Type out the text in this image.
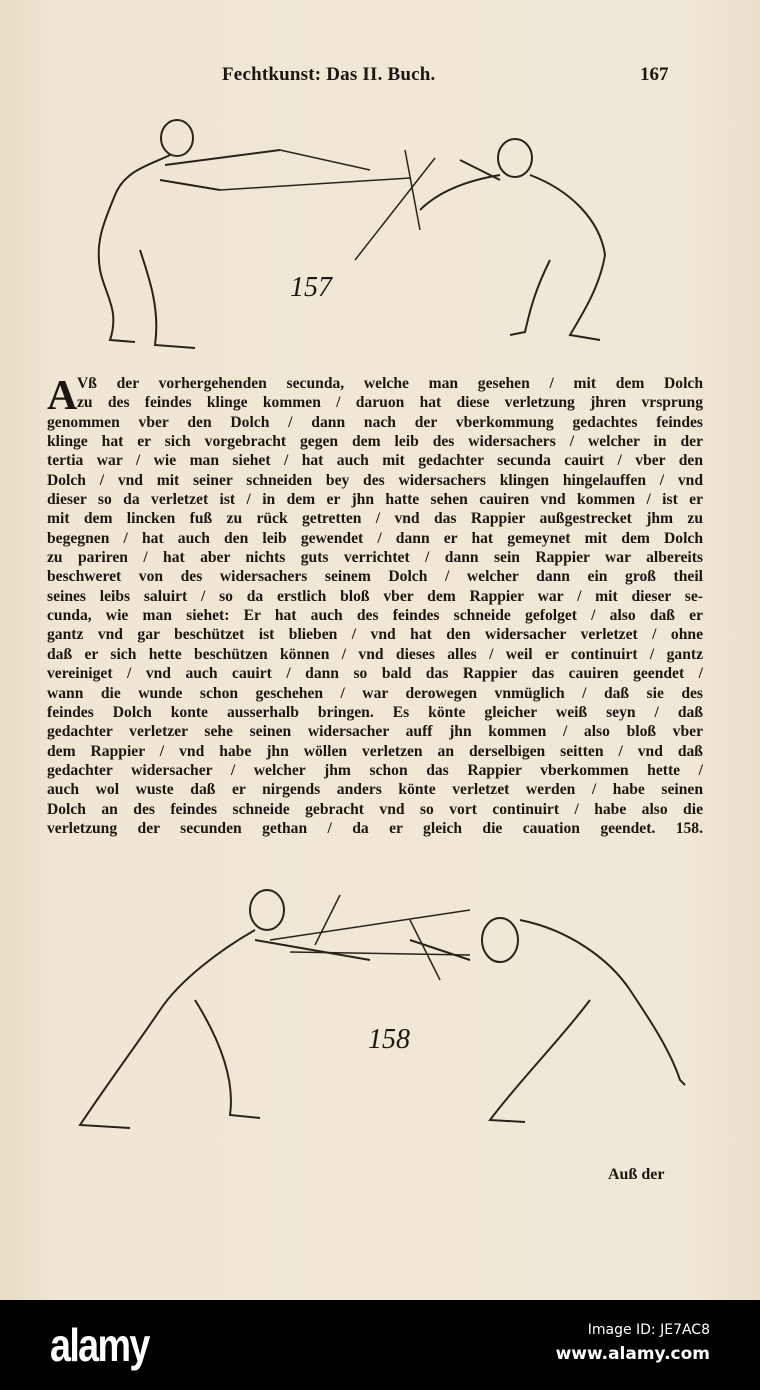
Fechtkunst: Das II. Buch.	167
157
A Vß der vorhergehenden secunda, welche man gesehen / mit dem Dolch
zu des feindes klinge kommen / daruon hat diese verletzung jhren vrsprung
genommen vber den Dolch / dann nach der vberkommung gedachtes feindes
klinge hat er sich vorgebracht gegen dem leib des widersachers / welcher in der
tertia war / wie man siehet / hat auch mit gedachter secunda cauirt / vber den
Dolch / vnd mit seiner schneiden bey des widersachers klingen hingelauffen / vnd
dieser so da verletzet ist / in dem er jhn hatte sehen cauiren vnd kommen / ist er
mit dem lincken fuß zu rück getretten / vnd das Rappier außgestrecket jhm zu
begegnen / hat auch den leib gewendet / dann er hat gemeynet mit dem Dolch
zu pariren / hat aber nichts guts verrichtet / dann sein Rappier war albereits
beschweret von des widersachers seinem Dolch / welcher dann ein groß theil
seines leibs saluirt / so da erstlich bloß vber dem Rappier war / mit dieser se-
cunda, wie man siehet: Er hat auch des feindes schneide gefolget / also daß er
gantz vnd gar beschützet ist blieben / vnd hat den widersacher verletzet / ohne
daß er sich hette beschützen können / vnd dieses alles / weil er continuirt / gantz
vereiniget / vnd auch cauirt / dann so bald das Rappier das cauiren geendet /
wann die wunde schon geschehen / war derowegen vnmüglich / daß sie des
feindes Dolch konte ausserhalb bringen. Es könte gleicher weiß seyn / daß
gedachter verletzer sehe seinen widersacher auff jhn kommen / also bloß vber
dem Rappier / vnd habe jhn wöllen verletzen an derselbigen seitten / vnd daß
gedachter widersacher / welcher jhm schon das Rappier vberkommen hette /
auch wol wuste daß er nirgends anders könte verletzet werden / habe seinen
Dolch an des feindes schneide gebracht vnd so vort continuirt / habe also die
verletzung der secunden gethan / da er gleich die cauation geendet. 158.
158
Auß der
alamy	Image ID: JE7AC8
www.alamy.com
